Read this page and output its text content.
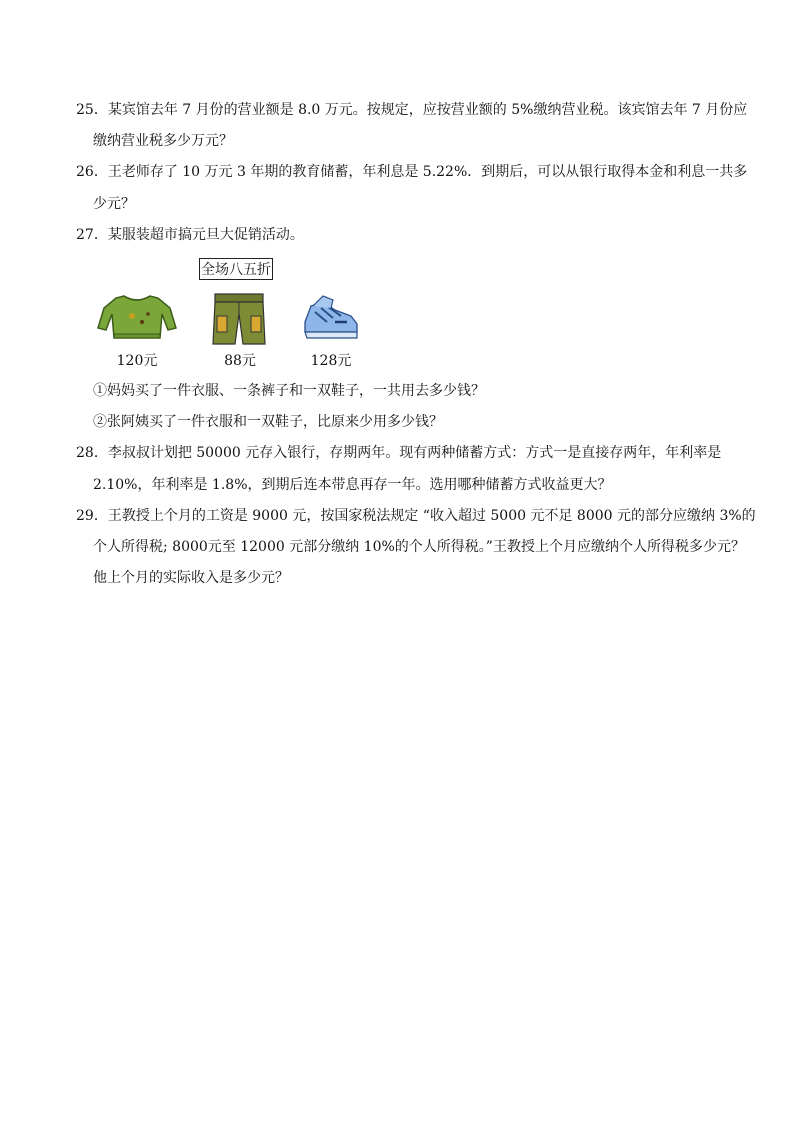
25．某宾馆去年 7 月份的营业额是 8.0 万元。按规定，应按营业额的 5%缴纳营业税。该宾馆去年 7 月份应
缴纳营业税多少万元？
26．王老师存了 10 万元 3 年期的教育储蓄，年利息是 5.22%．到期后，可以从银行取得本金和利息一共多
少元？
27．某服装超市搞元旦大促销活动。
全场八五折
120元	88元	128元
①妈妈买了一件衣服、一条裤子和一双鞋子，一共用去多少钱？
②张阿姨买了一件衣服和一双鞋子，比原来少用多少钱？
28．李叔叔计划把 50000 元存入银行，存期两年。现有两种储蓄方式：方式一是直接存两年，年利率是
2.10%，年利率是 1.8%，到期后连本带息再存一年。选用哪种储蓄方式收益更大？
29．王教授上个月的工资是 9000 元，按国家税法规定 “收入超过 5000 元不足 8000 元的部分应缴纳 3%的
个人所得税; 8000元至 12000 元部分缴纳 10%的个人所得税。”王教授上个月应缴纳个人所得税多少元？
他上个月的实际收入是多少元？
